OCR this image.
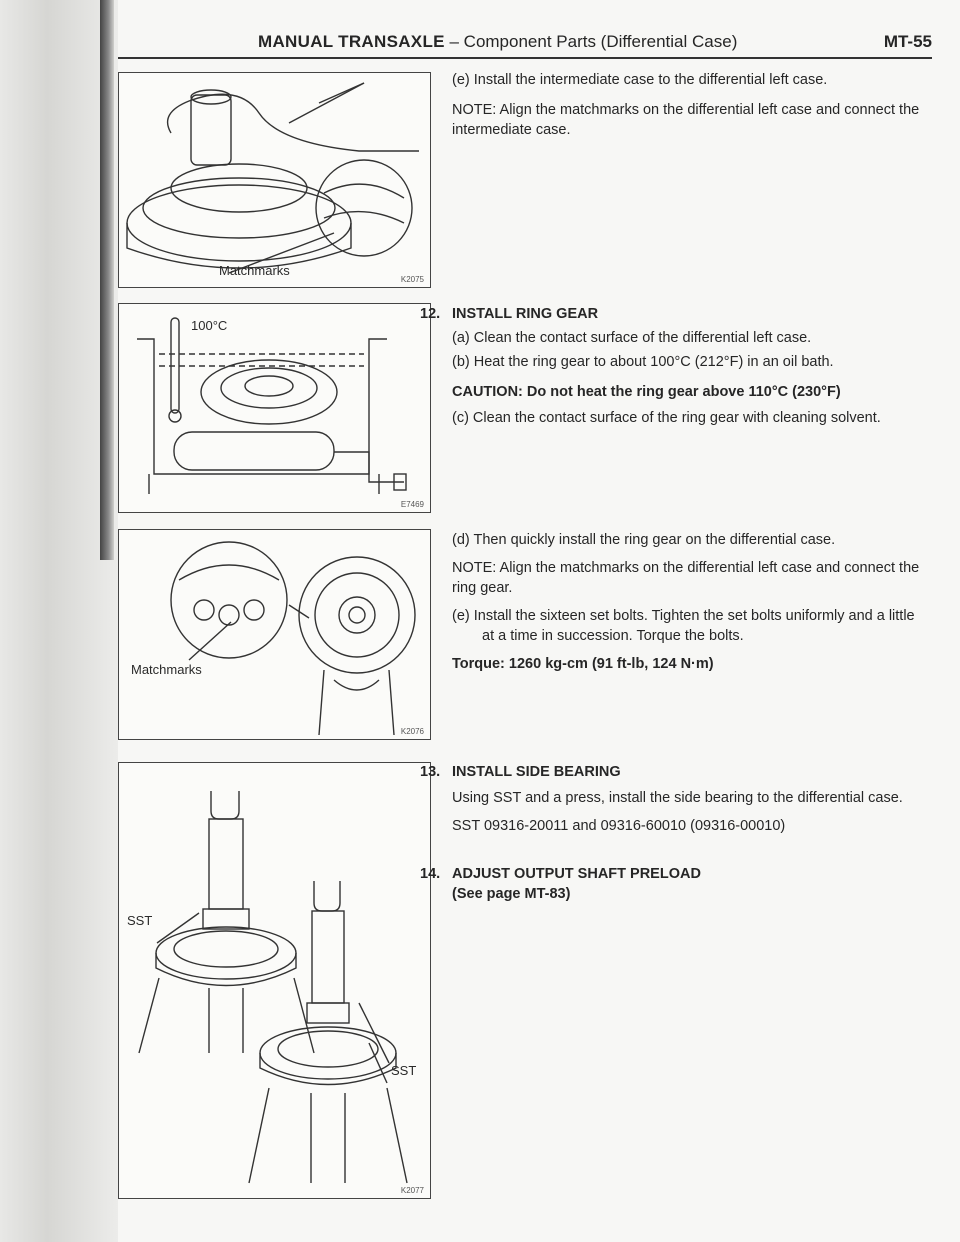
MANUAL TRANSAXLE – Component Parts (Differential Case)	MT-55
Matchmarks
K2075
100°C
E7469
Matchmarks
K2076
SST
SST
K2077

(e) Install the intermediate case to the differential left case.

NOTE: Align the matchmarks on the differential left case and connect the intermediate case.

12. INSTALL RING GEAR

(a) Clean the contact surface of the differential left case.

(b) Heat the ring gear to about 100°C (212°F) in an oil bath.

CAUTION: Do not heat the ring gear above 110°C (230°F)

(c) Clean the contact surface of the ring gear with cleaning solvent.

(d) Then quickly install the ring gear on the differential case.

NOTE: Align the matchmarks on the differential left case and connect the ring gear.

(e) Install the sixteen set bolts. Tighten the set bolts uniformly and a little at a time in succession. Torque the bolts.

Torque: 1260 kg-cm (91 ft-lb, 124 N·m)

13. INSTALL SIDE BEARING

Using SST and a press, install the side bearing to the differential case.

SST 09316-20011 and 09316-60010 (09316-00010)

14. ADJUST OUTPUT SHAFT PRELOAD

(See page MT-83)
